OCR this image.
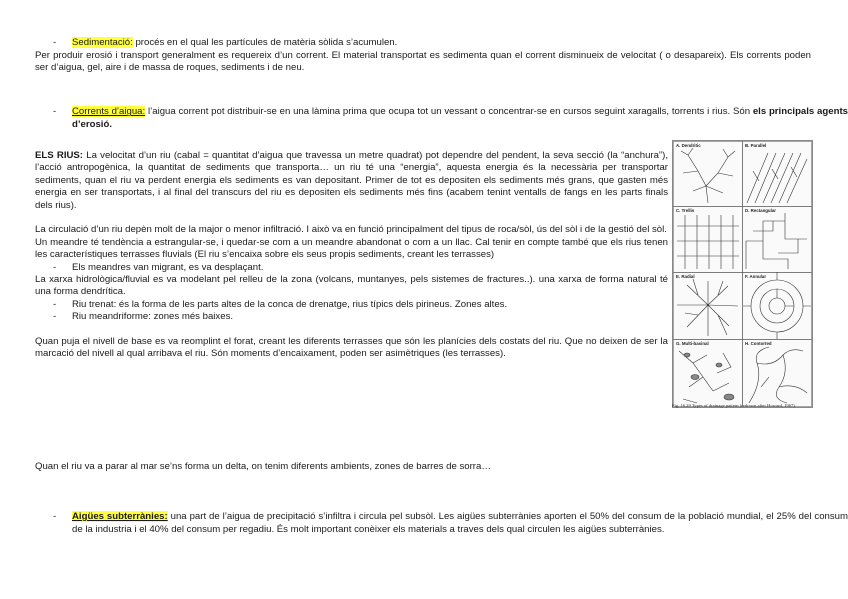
- Sedimentació: procés en el qual les partícules de matèria sòlida s’acumulen.

Per produir erosió i transport generalment es requereix d’un corrent. El material transportat es sedimenta quan el corrent disminueix de velocitat ( o desapareix). Els corrents poden ser d’aigua, gel, aire i de massa de roques, sediments i de neu.

- Corrents d’aigua: l’aigua corrent pot distribuir-se en una làmina prima que ocupa tot un vessant o concentrar-se en cursos seguint xaragalls, torrents i rius. Són els principals agents d’erosió.

ELS RIUS: La velocitat d’un riu (cabal = quantitat d’aigua que travessa un metre quadrat) pot dependre del pendent, la seva secció (la “anchura”), l’acció antropogènica, la quantitat de sediments que transporta… un riu té una “energia”, aquesta energia és la necessària per transportar sediments, quan el riu va perdent energia els sediments es van depositant. Primer de tot es depositen els sediments més grans, que gasten més energia en ser transportats, i al final del transcurs del riu es depositen els sediments més fins (acabem tenint ventalls de fangs en les parts finals dels rius).

La circulació d’un riu depèn molt de la major o menor infiltració. I això va en funció principalment del tipus de roca/sòl, ús del sòl i de la gestió del sòl.

Un meandre té tendència a estrangular-se, i quedar-se com a un meandre abandonat o com a un llac. Cal tenir en compte també que els rius tenen les característiques terrasses fluvials (El riu s’encaixa sobre els seus propis sediments, creant les terrasses)

- Els meandres van migrant, es va desplaçant.

La xarxa hidrològica/fluvial es va modelant pel relleu de la zona (volcans, muntanyes, pels sistemes de fractures..). una xarxa de forma natural té una forma dendrítica.

- Riu trenat: és la forma de les parts altes de la conca de drenatge, rius típics dels pirineus. Zones altes.
- Riu meandriforme: zones més baixes.

Quan puja el nivell de base es va reomplint el forat, creant les diferents terrasses que són les planícies dels costats del riu. Que no deixen de ser la marcació del nivell al qual arribava el riu. Són moments d’encaixament, poden ser asimètriques (les terrasses).

Quan el riu va a parar al mar se’ns forma un delta, on tenim diferents ambients, zones de barres de sorra…

- Aigües subterrànies: una part de l’aigua de precipitació s’infiltra i circula pel subsòl. Les aigües subterrànies aporten el 50% del consum de la població mundial, el 25% del consum de la industria i el 40% del consum per regadiu. És molt important conèixer els materials a traves dels qual circulen les aigües subterrànies.
A. Dendritic	B. Parallel
C. Trellis	D. Rectangular
E. Radial	F. Annular
G. Multi-basinal	H. Contorted
Fig. 16.29 Types of drainage pattern (redrawn after Howard, 1967).
